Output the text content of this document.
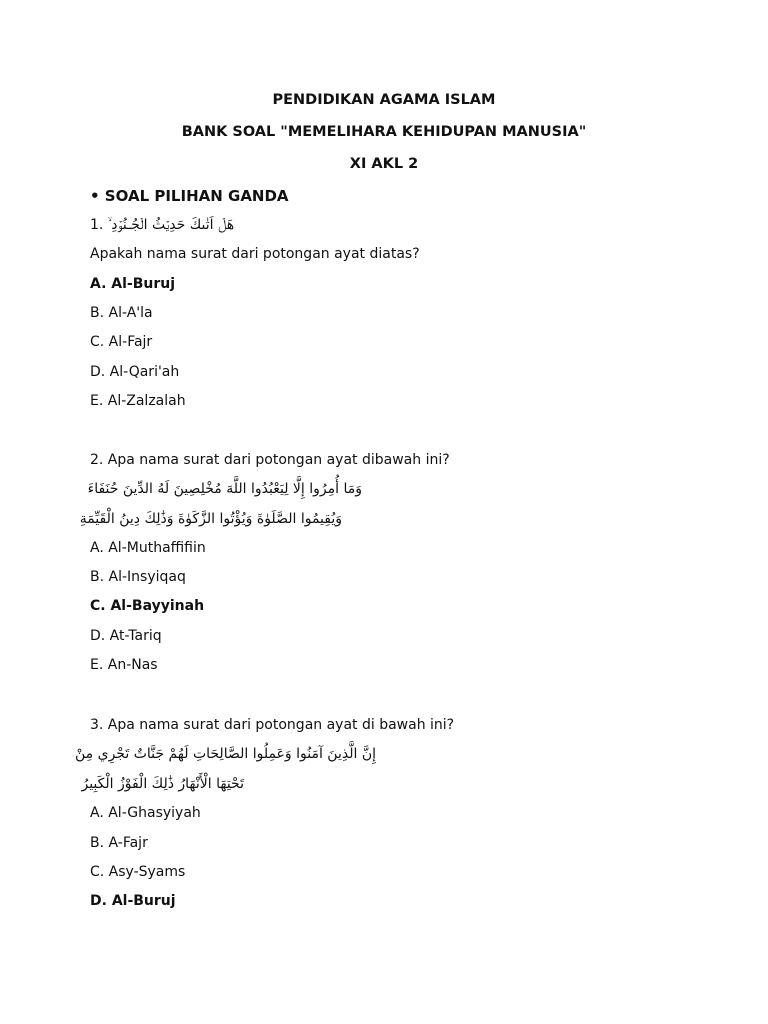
PENDIDIKAN AGAMA ISLAM
BANK SOAL "MEMELIHARA KEHIDUPAN MANUSIA"
XI AKL 2
• SOAL PILIHAN GANDA
1. هَلۡ اَتٰىكَ حَدِيۡثُ الۡجُـنُوۡدِ ۙ
Apakah nama surat dari potongan ayat diatas?
A. Al-Buruj
B. Al-A'la
C. Al-Fajr
D. Al-Qari'ah
E. Al-Zalzalah
2. Apa nama surat dari potongan ayat dibawah ini?
وَمَا أُمِرُوا إِلَّا لِيَعْبُدُوا اللَّهَ مُخْلِصِينَ لَهُ الدِّينَ حُنَفَاءَ
وَيُقِيمُوا الصَّلَوٰةَ وَيُؤْتُوا الزَّكَوٰةَ وَذَٰلِكَ دِينُ الْقَيِّمَةِ
A. Al-Muthaffifiin
B. Al-Insyiqaq
C. Al-Bayyinah
D. At-Tariq
E. An-Nas
3. Apa nama surat dari potongan ayat di bawah ini?
إِنَّ الَّذِينَ آمَنُوا وَعَمِلُوا الصَّالِحَاتِ لَهُمْ جَنَّاتٌ تَجْرِي مِنْ
تَحْتِهَا الْأَنْهَارُ ذَٰلِكَ الْفَوْزُ الْكَبِيرُ
A. Al-Ghasyiyah
B. A-Fajr
C. Asy-Syams
D. Al-Buruj
